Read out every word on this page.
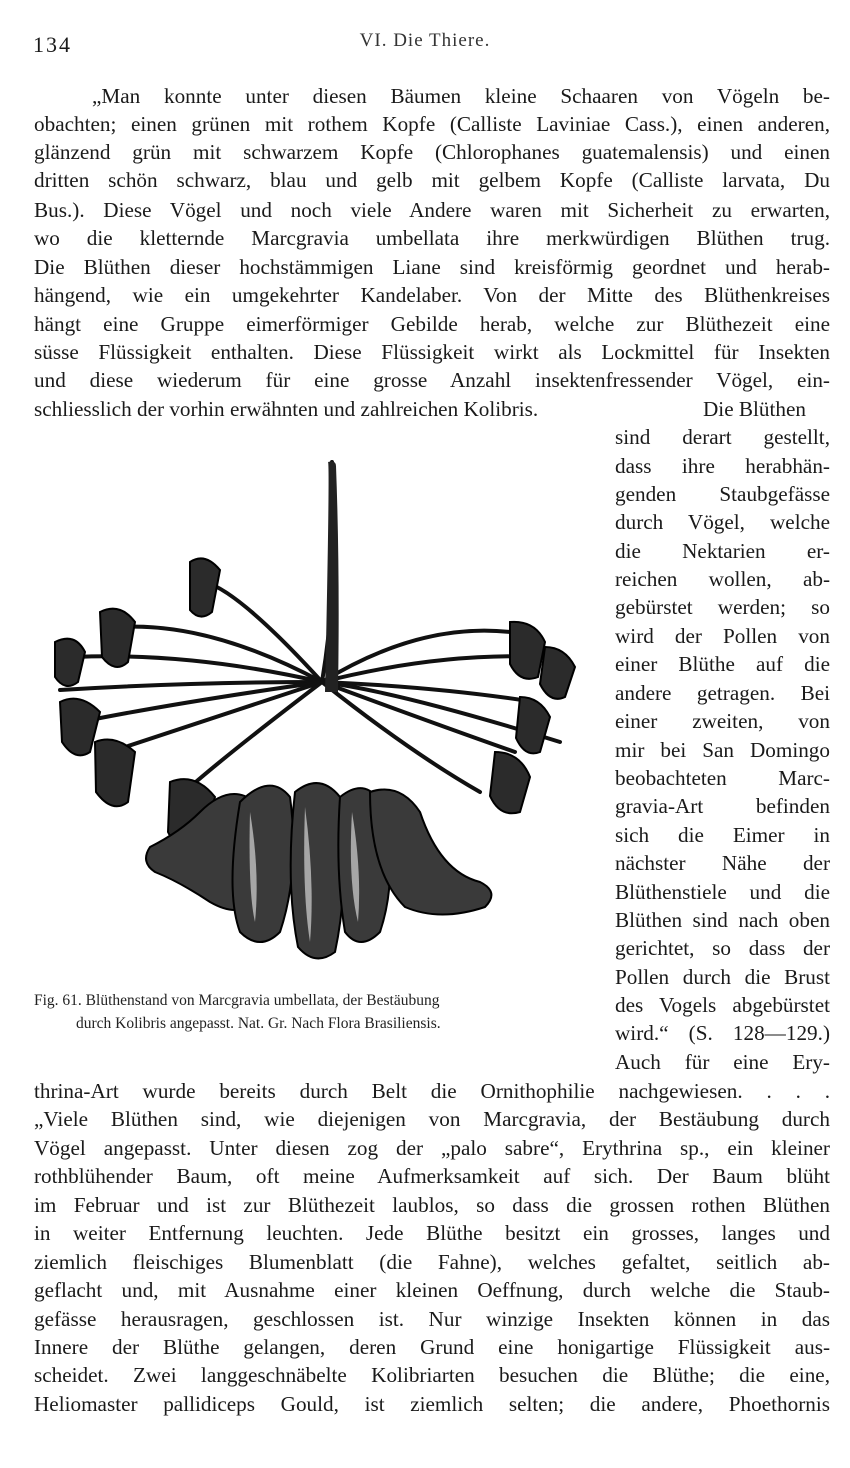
134	VI. Die Thiere.
„Man konnte unter diesen Bäumen kleine Schaaren von Vögeln be-
obachten; einen grünen mit rothem Kopfe (Calliste Laviniae Cass.), einen anderen,
glänzend grün mit schwarzem Kopfe (Chlorophanes guatemalensis) und einen
dritten schön schwarz, blau und gelb mit gelbem Kopfe (Calliste larvata, Du
Bus.). Diese Vögel und noch viele Andere waren mit Sicherheit zu erwarten,
wo die kletternde Marcgravia umbellata ihre merkwürdigen Blüthen trug.
Die Blüthen dieser hochstämmigen Liane sind kreisförmig geordnet und herab-
hängend, wie ein umgekehrter Kandelaber. Von der Mitte des Blüthenkreises
hängt eine Gruppe eimerförmiger Gebilde herab, welche zur Blüthezeit eine
süsse Flüssigkeit enthalten. Diese Flüssigkeit wirkt als Lockmittel für Insekten
und diese wiederum für eine grosse Anzahl insektenfressender Vögel, ein-
schliesslich der vorhin erwähnten und zahlreichen Kolibris.	Die Blüthen
sind derart gestellt,
dass ihre herabhän-
genden Staubgefässe
durch Vögel, welche
die Nektarien er-
reichen wollen, ab-
gebürstet werden; so
wird der Pollen von
einer Blüthe auf die
andere getragen. Bei
einer zweiten, von
mir bei San Domingo
beobachteten Marc-
gravia-Art befinden
sich die Eimer in
nächster Nähe der
Blüthenstiele und die
Blüthen sind nach oben
gerichtet, so dass der
Pollen durch die Brust
des Vogels abgebürstet
wird.“ (S. 128—129.)
Auch für eine Ery-
Fig. 61. Blüthenstand von Marcgravia umbellata, der Bestäubung
durch Kolibris angepasst. Nat. Gr. Nach Flora Brasiliensis.
thrina-Art wurde bereits durch Belt die Ornithophilie nachgewiesen. . . .
„Viele Blüthen sind, wie diejenigen von Marcgravia, der Bestäubung durch
Vögel angepasst. Unter diesen zog der „palo sabre“, Erythrina sp., ein kleiner
rothblühender Baum, oft meine Aufmerksamkeit auf sich. Der Baum blüht
im Februar und ist zur Blüthezeit laublos, so dass die grossen rothen Blüthen
in weiter Entfernung leuchten. Jede Blüthe besitzt ein grosses, langes und
ziemlich fleischiges Blumenblatt (die Fahne), welches gefaltet, seitlich ab-
geflacht und, mit Ausnahme einer kleinen Oeffnung, durch welche die Staub-
gefässe herausragen, geschlossen ist. Nur winzige Insekten können in das
Innere der Blüthe gelangen, deren Grund eine honigartige Flüssigkeit aus-
scheidet. Zwei langgeschnäbelte Kolibriarten besuchen die Blüthe; die eine,
Heliomaster pallidiceps Gould, ist ziemlich selten; die andere, Phoethornis
